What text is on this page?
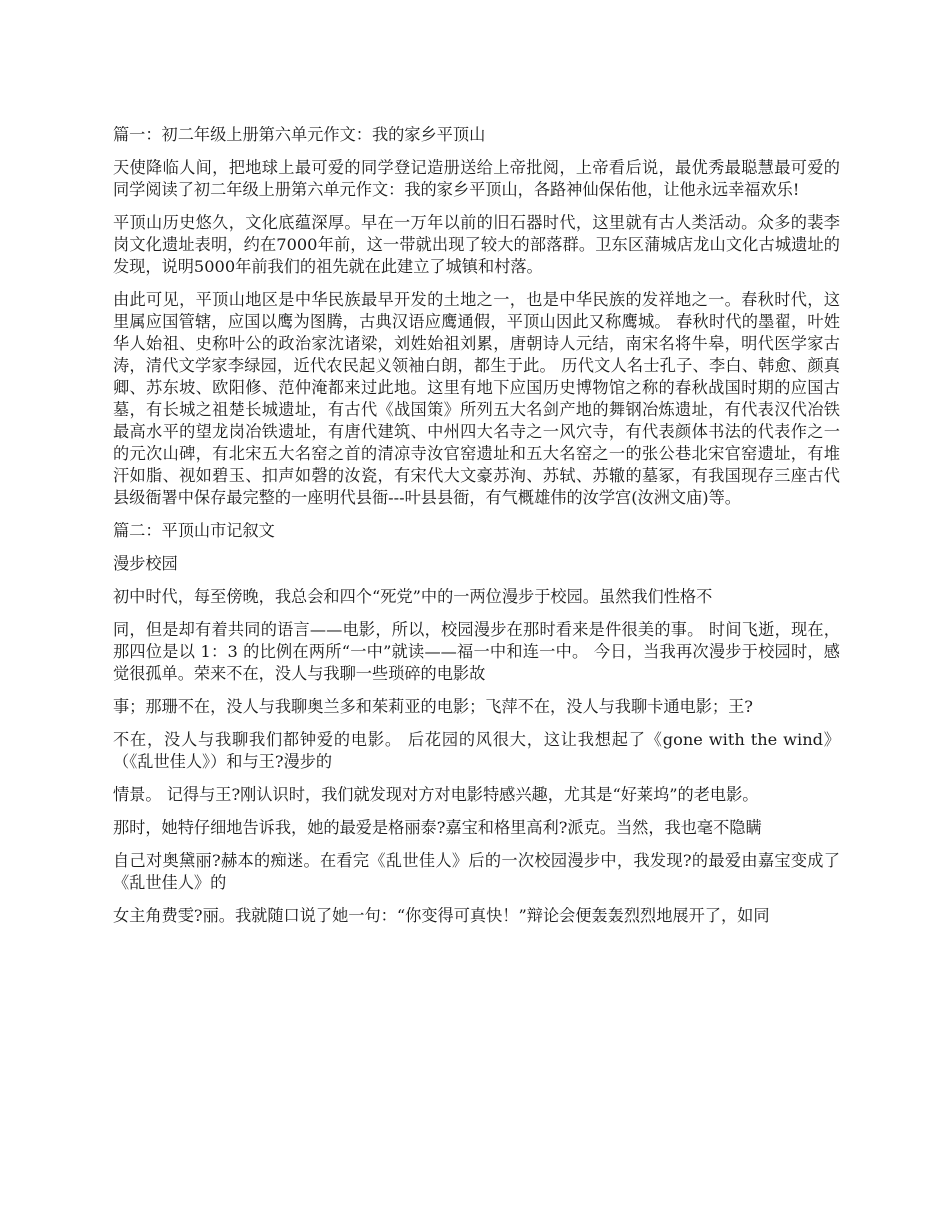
篇一：初二年级上册第六单元作文：我的家乡平顶山

天使降临人间，把地球上最可爱的同学登记造册送给上帝批阅，上帝看后说，最优秀最聪慧最可爱的同学阅读了初二年级上册第六单元作文：我的家乡平顶山，各路神仙保佑他，让他永远幸福欢乐!

平顶山历史悠久，文化底蕴深厚。早在一万年以前的旧石器时代，这里就有古人类活动。众多的裴李岗文化遗址表明，约在7000年前，这一带就出现了较大的部落群。卫东区蒲城店龙山文化古城遗址的发现，说明5000年前我们的祖先就在此建立了城镇和村落。

由此可见，平顶山地区是中华民族最早开发的土地之一，也是中华民族的发祥地之一。春秋时代，这里属应国管辖，应国以鹰为图腾，古典汉语应鹰通假，平顶山因此又称鹰城。 春秋时代的墨翟，叶姓华人始祖、史称叶公的政治家沈诸梁，刘姓始祖刘累，唐朝诗人元结，南宋名将牛皋，明代医学家古涛，清代文学家李绿园，近代农民起义领袖白朗，都生于此。 历代文人名士孔子、李白、韩愈、颜真卿、苏东坡、欧阳修、范仲淹都来过此地。这里有地下应国历史博物馆之称的春秋战国时期的应国古墓，有长城之祖楚长城遗址，有古代《战国策》所列五大名剑产地的舞钢冶炼遗址，有代表汉代冶铁最高水平的望龙岗冶铁遗址，有唐代建筑、中州四大名寺之一风穴寺，有代表颜体书法的代表作之一的元次山碑，有北宋五大名窑之首的清凉寺汝官窑遗址和五大名窑之一的张公巷北宋官窑遗址，有堆汗如脂、视如碧玉、扣声如磬的汝瓷，有宋代大文豪苏洵、苏轼、苏辙的墓冢，有我国现存三座古代县级衙署中保存最完整的一座明代县衙---叶县县衙，有气概雄伟的汝学宫(汝洲文庙)等。

篇二：平顶山市记叙文

漫步校园

初中时代，每至傍晚，我总会和四个“死党”中的一两位漫步于校园。虽然我们性格不

同，但是却有着共同的语言——电影，所以，校园漫步在那时看来是件很美的事。 时间飞逝，现在，那四位是以 1：3 的比例在两所“一中”就读——福一中和连一中。 今日，当我再次漫步于校园时，感觉很孤单。荣来不在，没人与我聊一些琐碎的电影故

事；那珊不在，没人与我聊奥兰多和茱莉亚的电影；飞萍不在，没人与我聊卡通电影；王?

不在，没人与我聊我们都钟爱的电影。 后花园的风很大，这让我想起了《gone with the wind》（《乱世佳人》）和与王?漫步的

情景。 记得与王?刚认识时，我们就发现对方对电影特感兴趣，尤其是“好莱坞”的老电影。

那时，她特仔细地告诉我，她的最爱是格丽泰?嘉宝和格里高利?派克。当然，我也毫不隐瞒

自己对奥黛丽?赫本的痴迷。在看完《乱世佳人》后的一次校园漫步中，我发现?的最爱由嘉宝变成了《乱世佳人》的

女主角费雯?丽。我就随口说了她一句：“你变得可真快！”辩论会便轰轰烈烈地展开了，如同
